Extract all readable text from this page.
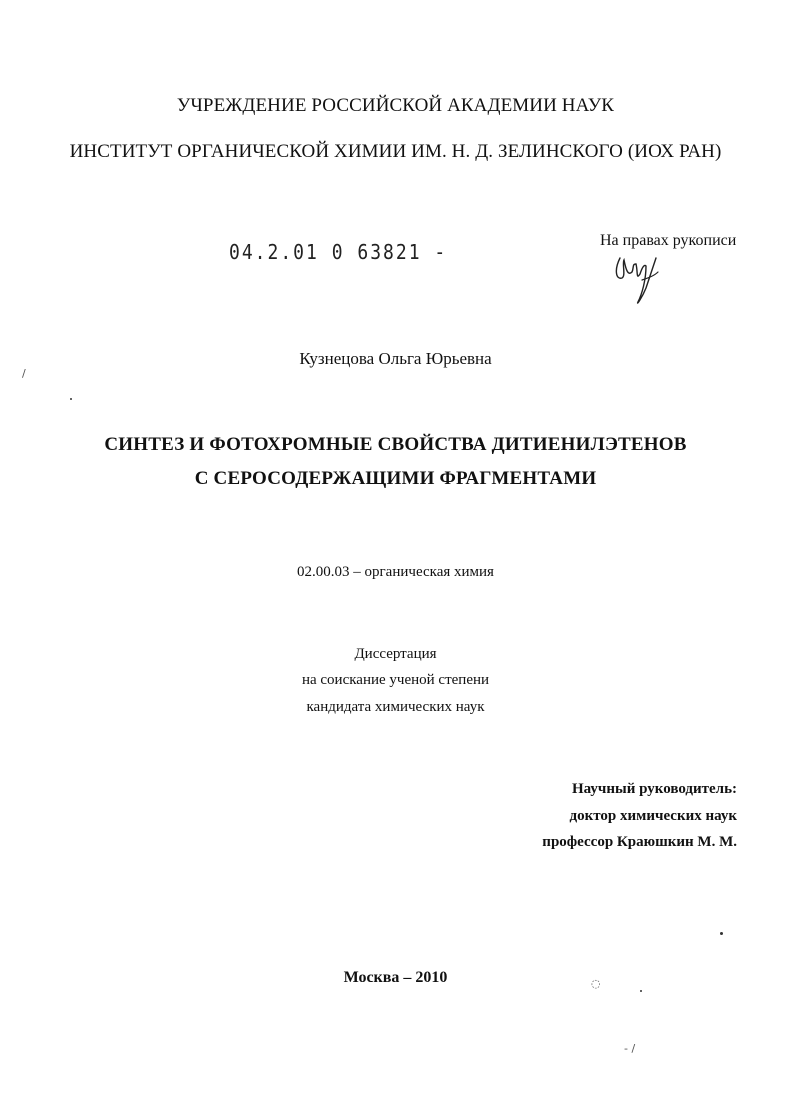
УЧРЕЖДЕНИЕ РОССИЙСКОЙ АКАДЕМИИ НАУК
ИНСТИТУТ ОРГАНИЧЕСКОЙ ХИМИИ ИМ. Н. Д. ЗЕЛИНСКОГО (ИОХ РАН)
04.2.01 0 63821 -
На правах рукописи
Кузнецова Ольга Юрьевна
СИНТЕЗ И ФОТОХРОМНЫЕ СВОЙСТВА ДИТИЕНИЛЭТЕНОВ
С СЕРОСОДЕРЖАЩИМИ ФРАГМЕНТАМИ
02.00.03 – органическая химия
Диссертация
на соискание ученой степени
кандидата химических наук
Научный руководитель:
доктор химических наук
профессор Краюшкин М. М.
Москва – 2010
/
◌
- /
